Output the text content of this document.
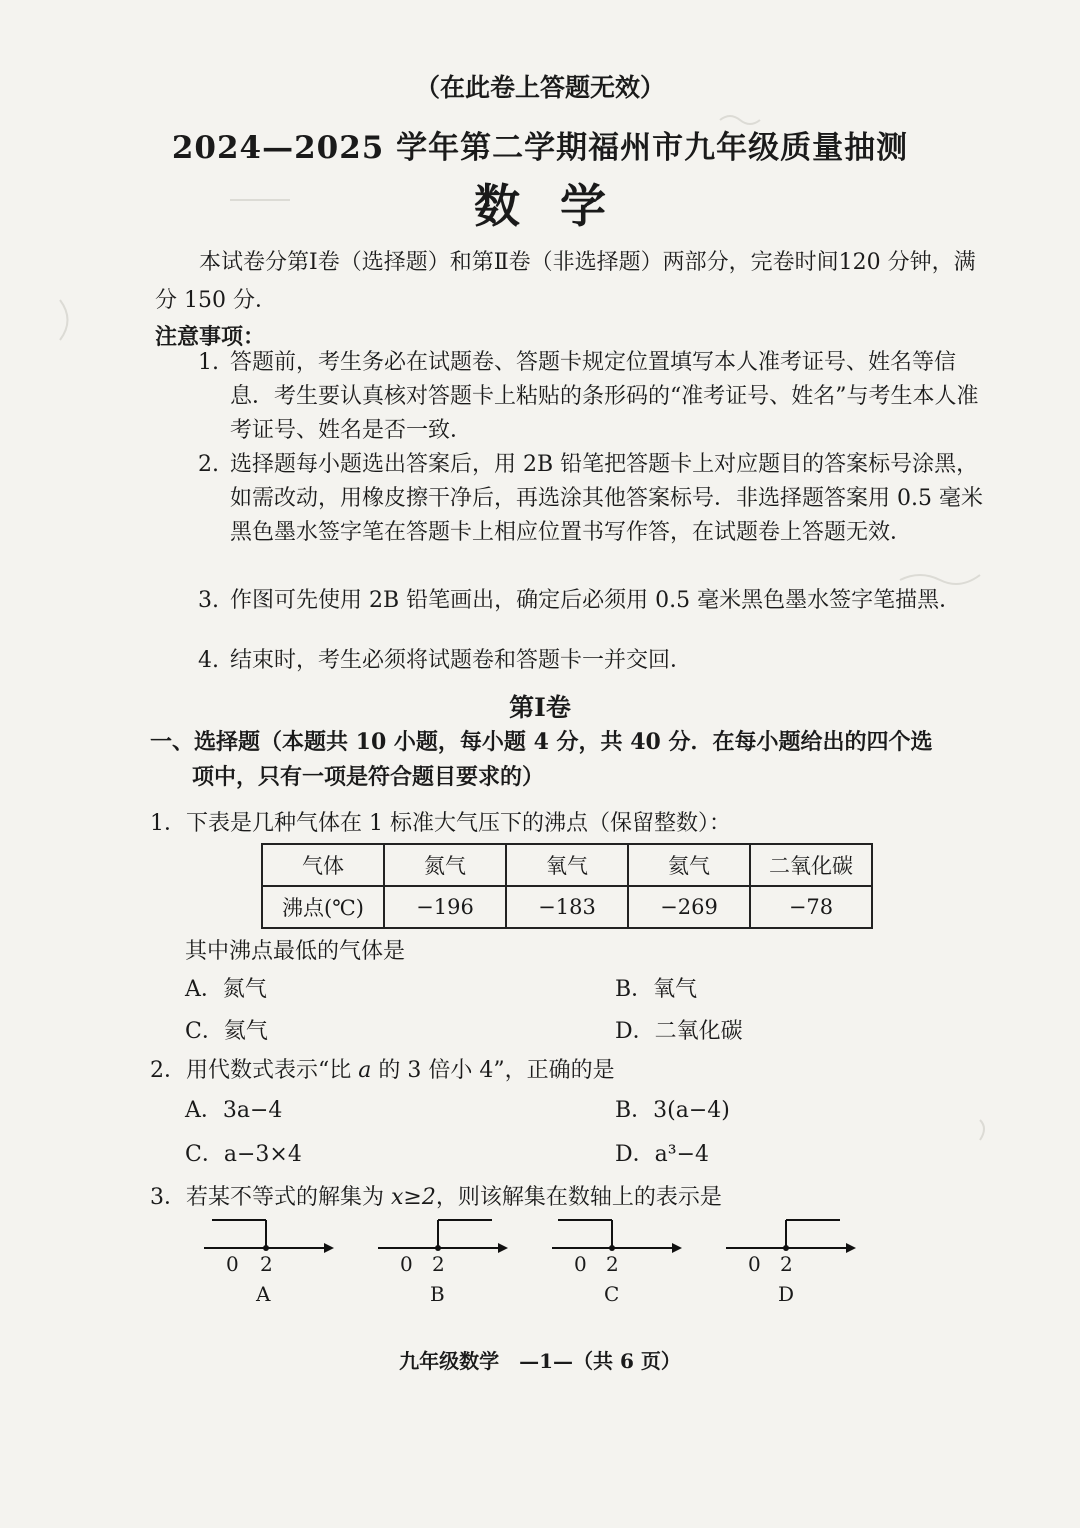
（在此卷上答题无效）
2024—2025 学年第二学期福州市九年级质量抽测
数学
本试卷分第Ⅰ卷（选择题）和第Ⅱ卷（非选择题）两部分，完卷时间120 分钟，满分 150 分．
注意事项：
1. 答题前，考生务必在试题卷、答题卡规定位置填写本人准考证号、姓名等信息．考生要认真核对答题卡上粘贴的条形码的“准考证号、姓名”与考生本人准考证号、姓名是否一致．
2. 选择题每小题选出答案后，用 2B 铅笔把答题卡上对应题目的答案标号涂黑，如需改动，用橡皮擦干净后，再选涂其他答案标号．非选择题答案用 0.5 毫米黑色墨水签字笔在答题卡上相应位置书写作答，在试题卷上答题无效．
3. 作图可先使用 2B 铅笔画出，确定后必须用 0.5 毫米黑色墨水签字笔描黑．
4. 结束时，考生必须将试题卷和答题卡一并交回．
第Ⅰ卷
一、选择题（本题共 10 小题，每小题 4 分，共 40 分．在每小题给出的四个选
项中，只有一项是符合题目要求的）
1．下表是几种气体在 1 标准大气压下的沸点（保留整数）：
气体	氮气	氧气	氦气	二氧化碳
沸点(℃)	−196	−183	−269	−78
其中沸点最低的气体是
A．氮气	B．氧气
C．氦气	D．二氧化碳
2．用代数式表示“比 a 的 3 倍小 4”，正确的是
A．3a−4	B．3(a−4)
C．a−3×4	D．a³−4
3．若某不等式的解集为 x≥2，则该解集在数轴上的表示是
0 2
A
0 2
B
0 2
C
0 2
D
九年级数学　—1—（共 6 页）
